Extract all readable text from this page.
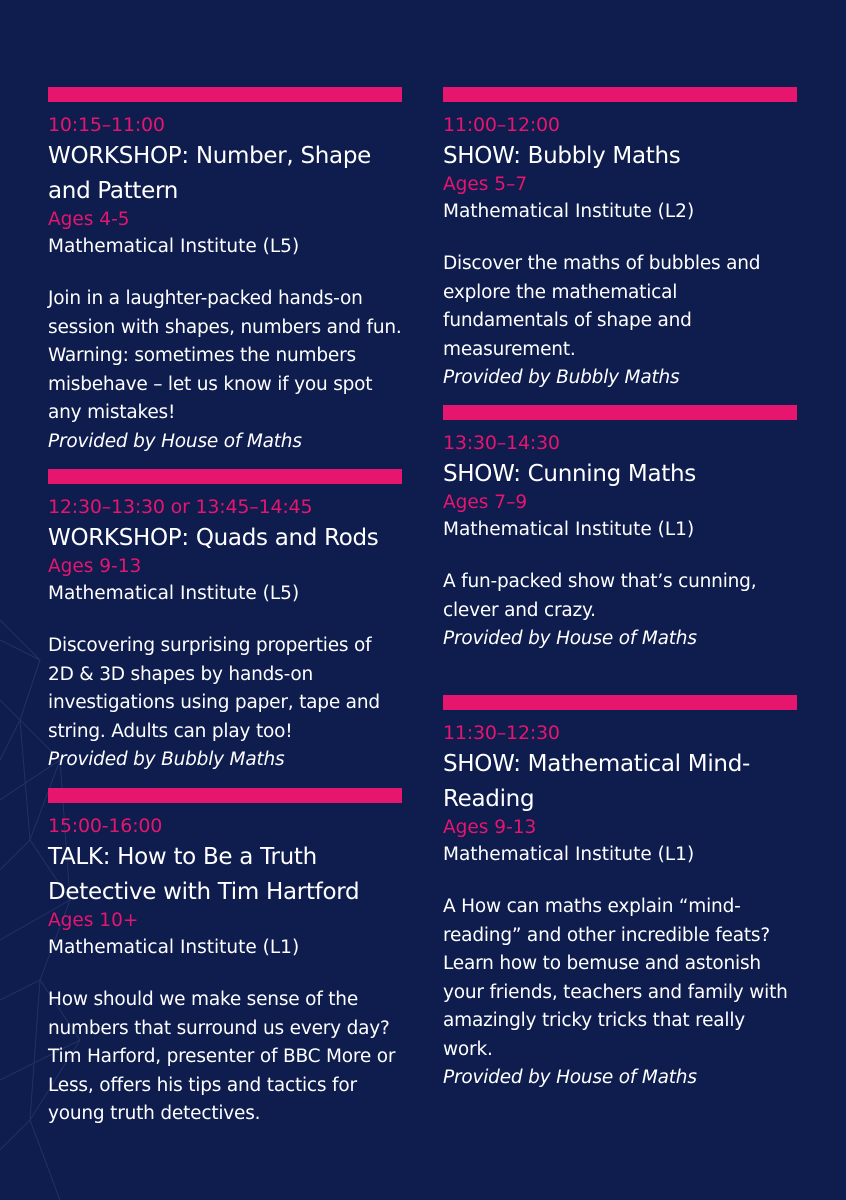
10:15–11:00
WORKSHOP: Number, Shape and Pattern
Ages 4-5
Mathematical Institute (L5)
Join in a laughter-packed hands-on session with shapes, numbers and fun. Warning: sometimes the numbers misbehave – let us know if you spot any mistakes!
Provided by House of Maths
12:30–13:30 or 13:45–14:45
WORKSHOP: Quads and Rods
Ages 9-13
Mathematical Institute (L5)
Discovering surprising properties of 2D & 3D shapes by hands-on investigations using paper, tape and string. Adults can play too!
Provided by Bubbly Maths
15:00-16:00
TALK: How to Be a Truth Detective with Tim Hartford
Ages 10+
Mathematical Institute (L1)
How should we make sense of the numbers that surround us every day? Tim Harford, presenter of BBC More or Less, offers his tips and tactics for young truth detectives.
11:00–12:00
SHOW: Bubbly Maths
Ages 5–7
Mathematical Institute (L2)
Discover the maths of bubbles and explore the mathematical fundamentals of shape and measurement.
Provided by Bubbly Maths
13:30–14:30
SHOW: Cunning Maths
Ages 7–9
Mathematical Institute (L1)
A fun-packed show that’s cunning, clever and crazy.
Provided by House of Maths
11:30–12:30
SHOW: Mathematical Mind-Reading
Ages 9-13
Mathematical Institute (L1)
A How can maths explain “mind-reading” and other incredible feats? Learn how to bemuse and astonish your friends, teachers and family with amazingly tricky tricks that really work.
Provided by House of Maths
